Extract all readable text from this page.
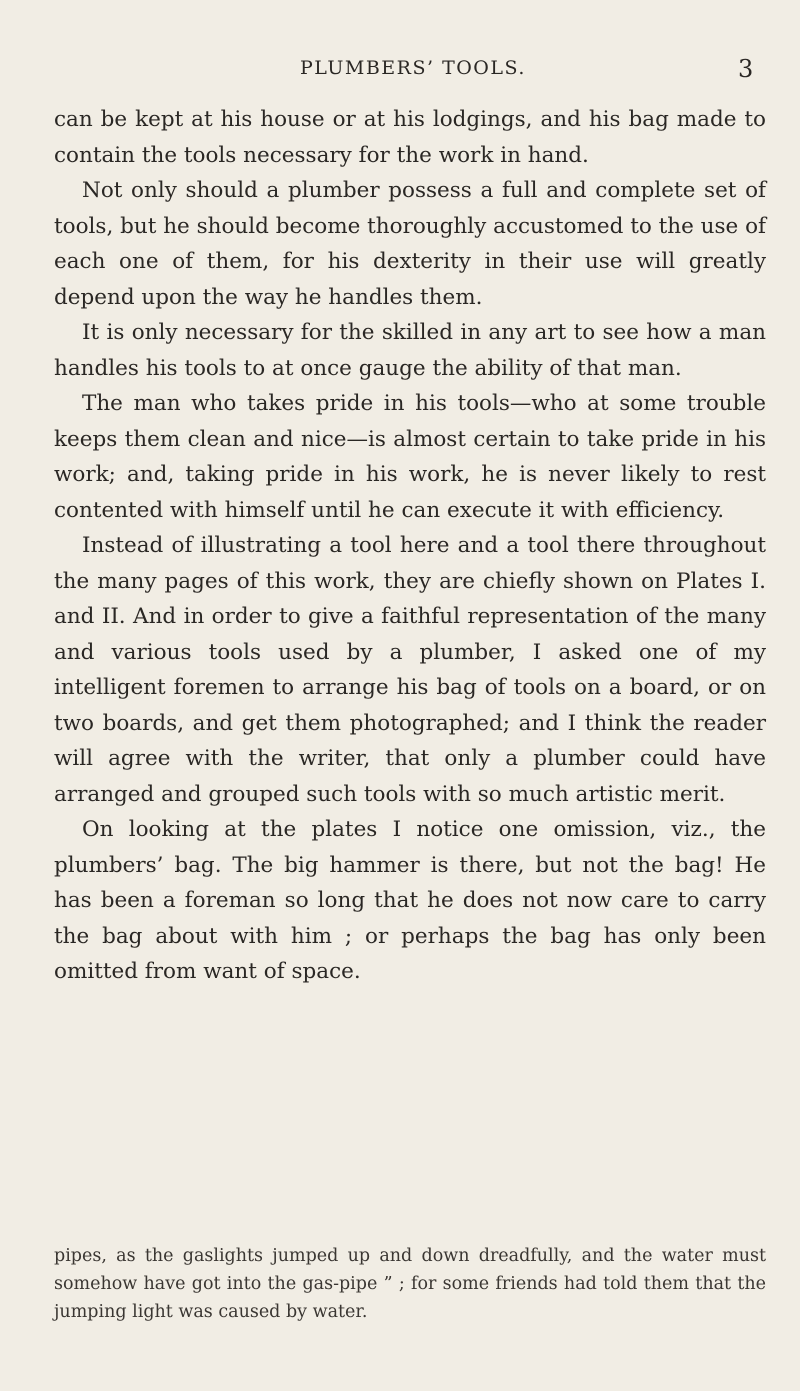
PLUMBERS’ TOOLS.	3

can be kept at his house or at his lodgings, and his bag made to contain the tools necessary for the work in hand.

Not only should a plumber possess a full and complete set of tools, but he should become thoroughly accustomed to the use of each one of them, for his dexterity in their use will greatly depend upon the way he handles them.

It is only necessary for the skilled in any art to see how a man handles his tools to at once gauge the ability of that man.

The man who takes pride in his tools—who at some trouble keeps them clean and nice—is almost certain to take pride in his work; and, taking pride in his work, he is never likely to rest contented with himself until he can execute it with efficiency.

Instead of illustrating a tool here and a tool there throughout the many pages of this work, they are chiefly shown on Plates I. and II. And in order to give a faithful representation of the many and various tools used by a plumber, I asked one of my intelligent foremen to arrange his bag of tools on a board, or on two boards, and get them photographed; and I think the reader will agree with the writer, that only a plumber could have arranged and grouped such tools with so much artistic merit.

On looking at the plates I notice one omission, viz., the plumbers’ bag. The big hammer is there, but not the bag! He has been a foreman so long that he does not now care to carry the bag about with him ; or perhaps the bag has only been omitted from want of space.

pipes, as the gaslights jumped up and down dreadfully, and the water must somehow have got into the gas-pipe ” ; for some friends had told them that the jumping light was caused by water.
